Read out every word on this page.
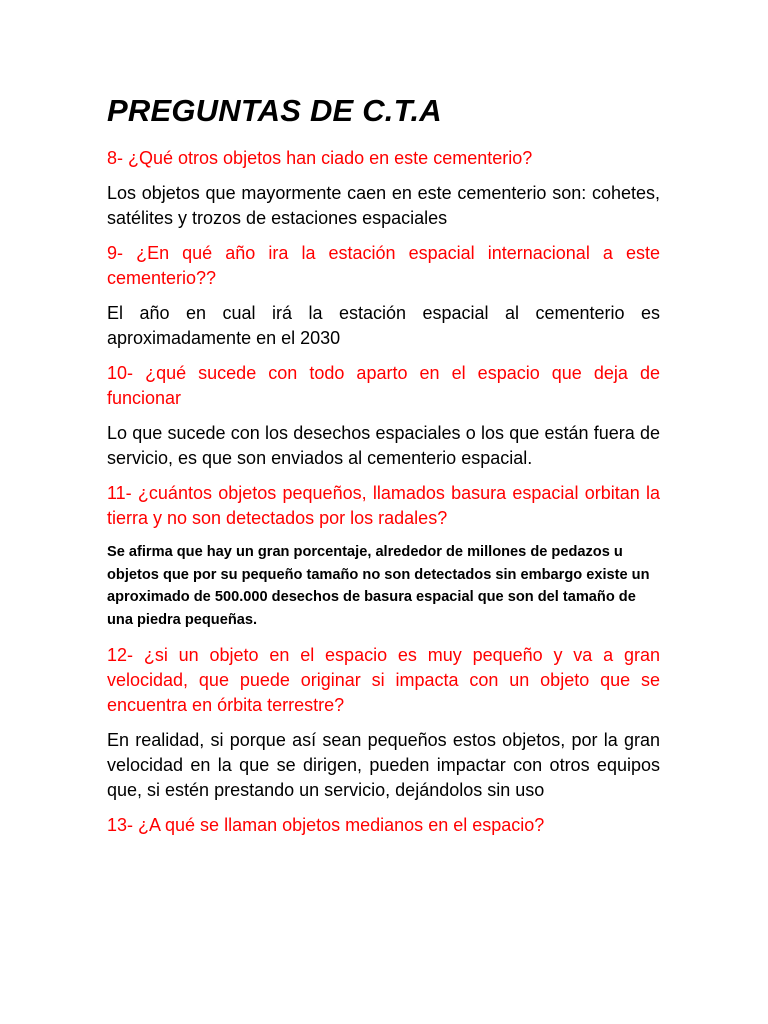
PREGUNTAS DE C.T.A

8- ¿Qué otros objetos han ciado en este cementerio?

Los objetos que mayormente caen en este cementerio son: cohetes, satélites y trozos de estaciones espaciales

9- ¿En qué año ira la estación espacial internacional a este cementerio??

El año en cual irá la estación espacial al cementerio es aproximadamente en el 2030

10- ¿qué sucede con todo aparto en el espacio que deja de funcionar

Lo que sucede con los desechos espaciales o los que están fuera de servicio, es que son enviados al cementerio espacial.

11- ¿cuántos objetos pequeños, llamados basura espacial orbitan la tierra y no son detectados por los radales?

Se afirma que hay un gran porcentaje, alrededor de millones de pedazos u objetos que por su pequeño tamaño no son detectados sin embargo existe un aproximado de 500.000 desechos de basura espacial que son del tamaño de una piedra pequeñas.

12- ¿si un objeto en el espacio es muy pequeño y va a gran velocidad, que puede originar si impacta con un objeto que se encuentra en órbita terrestre?

En realidad, si porque así sean pequeños estos objetos, por la gran velocidad en la que se dirigen, pueden impactar con otros equipos que, si estén prestando un servicio, dejándolos sin uso

13- ¿A qué se llaman objetos medianos en el espacio?
